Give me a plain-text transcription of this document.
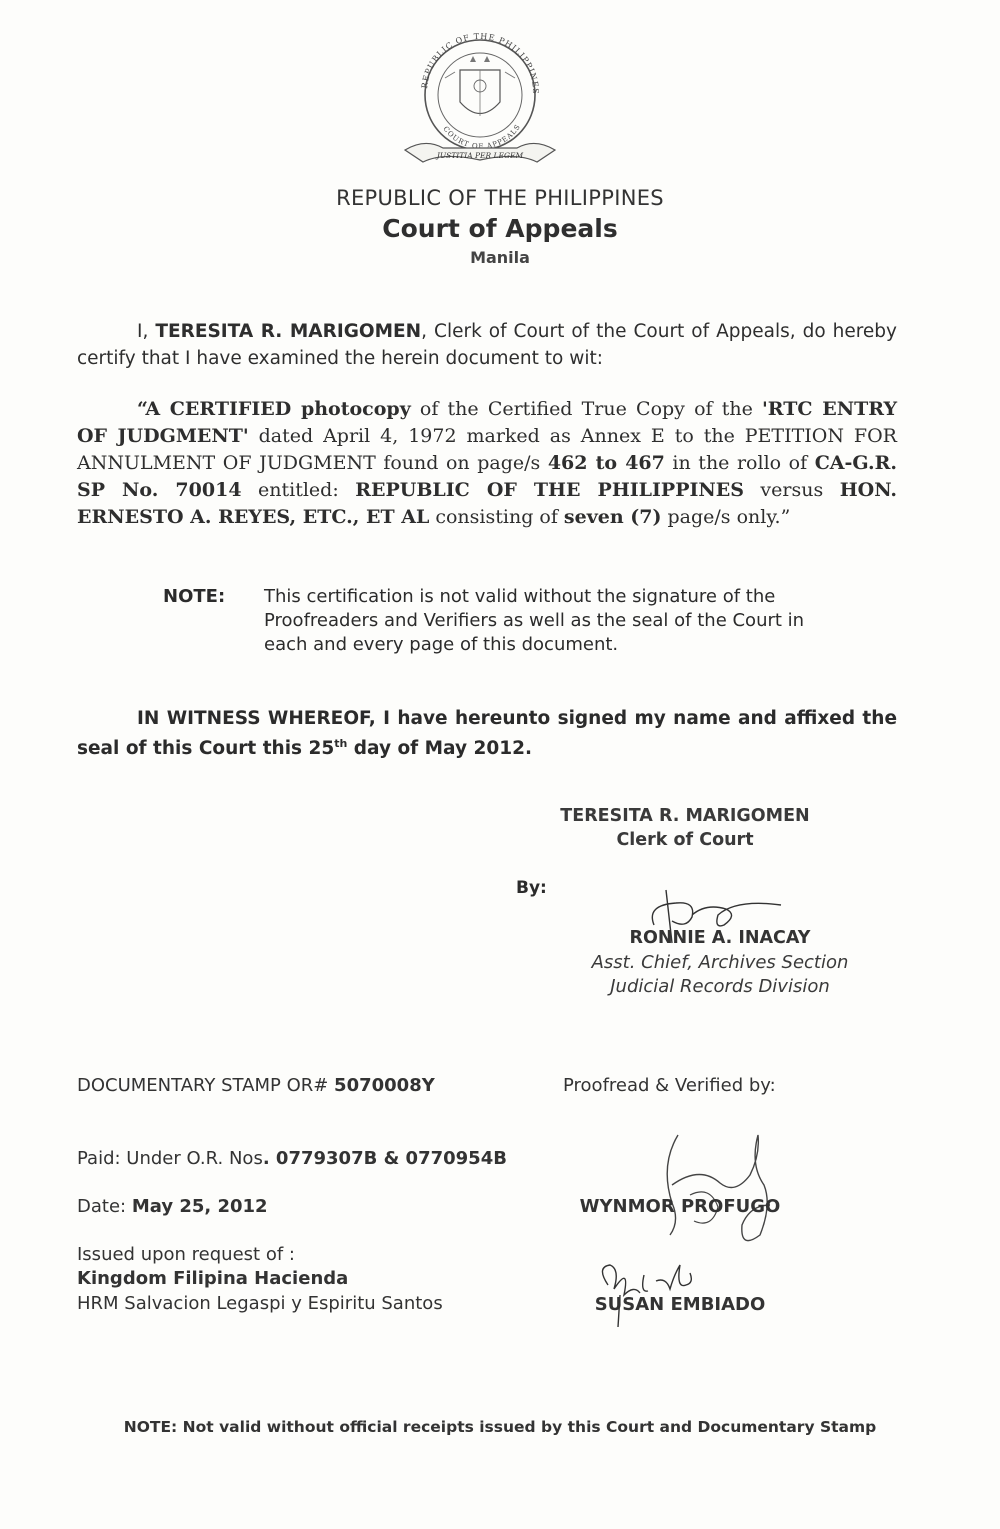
REPUBLIC OF THE PHILIPPINES
COURT OF APPEALS
JUSTITIA PER LEGEM
REPUBLIC OF THE PHILIPPINES
Court of Appeals
Manila
I, TERESITA R. MARIGOMEN, Clerk of Court of the Court of Appeals, do hereby certify that I have examined the herein document to wit:
“A CERTIFIED photocopy of the Certified True Copy of the 'RTC ENTRY OF JUDGMENT' dated April 4, 1972 marked as Annex E to the PETITION FOR ANNULMENT OF JUDGMENT found on page/s 462 to 467 in the rollo of CA-G.R. SP No. 70014 entitled: REPUBLIC OF THE PHILIPPINES versus HON. ERNESTO A. REYES, ETC., ET AL consisting of seven (7) page/s only.”
NOTE: This certification is not valid without the signature of the Proofreaders and Verifiers as well as the seal of the Court in each and every page of this document.
IN WITNESS WHEREOF, I have hereunto signed my name and affixed the seal of this Court this 25th day of May 2012.
TERESITA R. MARIGOMEN
Clerk of Court
By:
RONNIE A. INACAY
Asst. Chief, Archives Section
Judicial Records Division
DOCUMENTARY STAMP OR# 5070008Y	Proofread & Verified by:
Paid: Under O.R. Nos. 0779307B & 0770954B
Date: May 25, 2012
Issued upon request of :
Kingdom Filipina Hacienda
HRM Salvacion Legaspi y Espiritu Santos
WYNMOR PROFUGO
SUSAN EMBIADO
NOTE: Not valid without official receipts issued by this Court and Documentary Stamp
